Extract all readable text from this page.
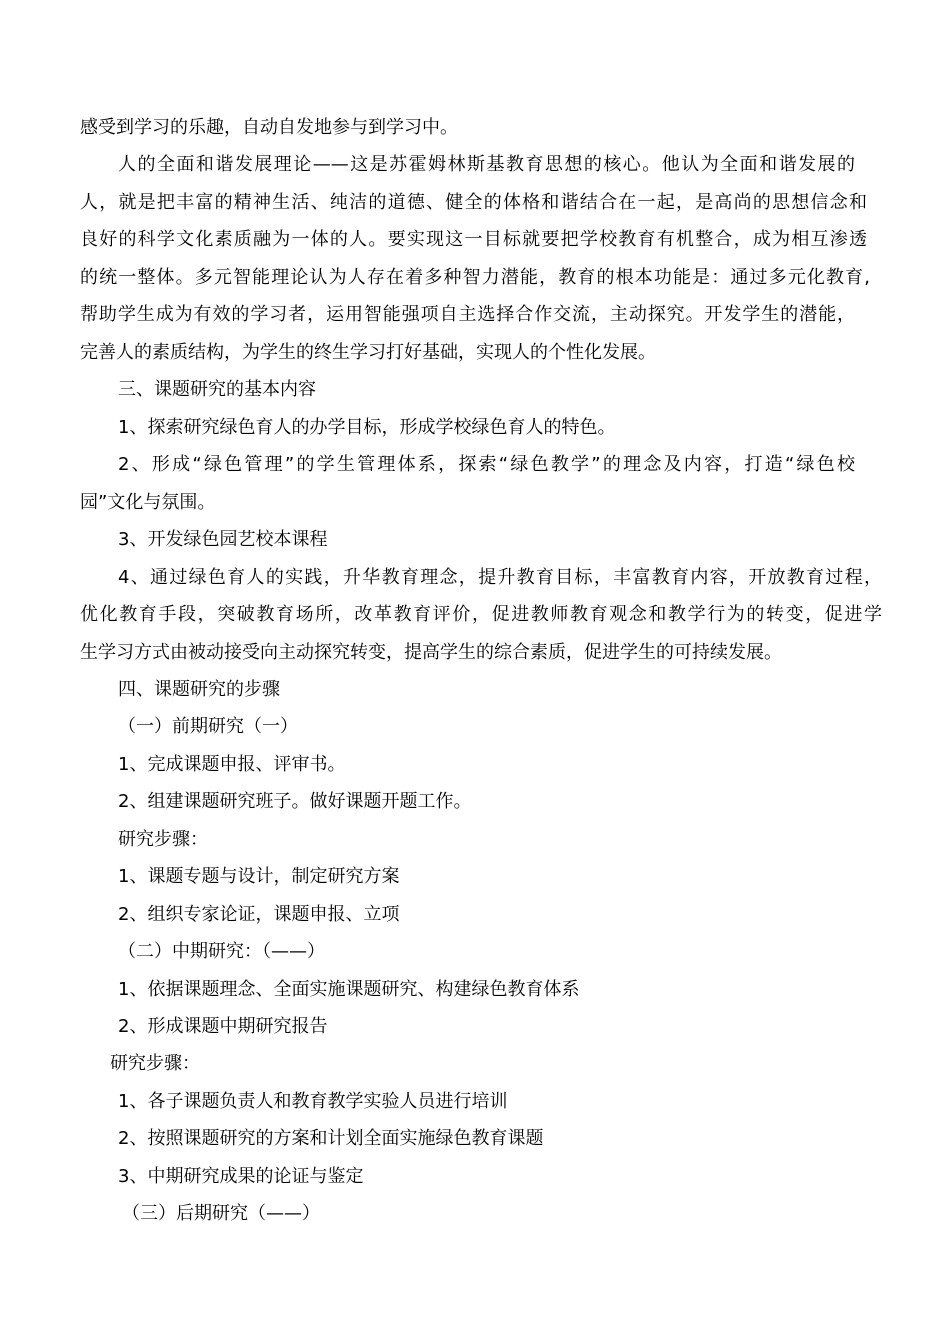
感受到学习的乐趣，自动自发地参与到学习中。
人的全面和谐发展理论——这是苏霍姆林斯基教育思想的核心。他认为全面和谐发展的
人，就是把丰富的精神生活、纯洁的道德、健全的体格和谐结合在一起，是高尚的思想信念和
良好的科学文化素质融为一体的人。要实现这一目标就要把学校教育有机整合，成为相互渗透
的统一整体。多元智能理论认为人存在着多种智力潜能，教育的根本功能是：通过多元化教育,
帮助学生成为有效的学习者，运用智能强项自主选择合作交流，主动探究。开发学生的潜能，
完善人的素质结构，为学生的终生学习打好基础，实现人的个性化发展。
三、课题研究的基本内容
1、探索研究绿色育人的办学目标，形成学校绿色育人的特色。
2、形成“绿色管理”的学生管理体系，探索“绿色教学”的理念及内容，打造“绿色校
园”文化与氛围。
3、开发绿色园艺校本课程
4、通过绿色育人的实践，升华教育理念，提升教育目标，丰富教育内容，开放教育过程，
优化教育手段，突破教育场所，改革教育评价，促进教师教育观念和教学行为的转变，促进学
生学习方式由被动接受向主动探究转变，提高学生的综合素质，促进学生的可持续发展。
四、课题研究的步骤
（一）前期研究（一）
1、完成课题申报、评审书。
2、组建课题研究班子。做好课题开题工作。
研究步骤：
1、课题专题与设计，制定研究方案
2、组织专家论证，课题申报、立项
（二）中期研究：（——）
1、依据课题理念、全面实施课题研究、构建绿色教育体系
2、形成课题中期研究报告
研究步骤：
1、各子课题负责人和教育教学实验人员进行培训
2、按照课题研究的方案和计划全面实施绿色教育课题
3、中期研究成果的论证与鉴定
（三）后期研究（——）
